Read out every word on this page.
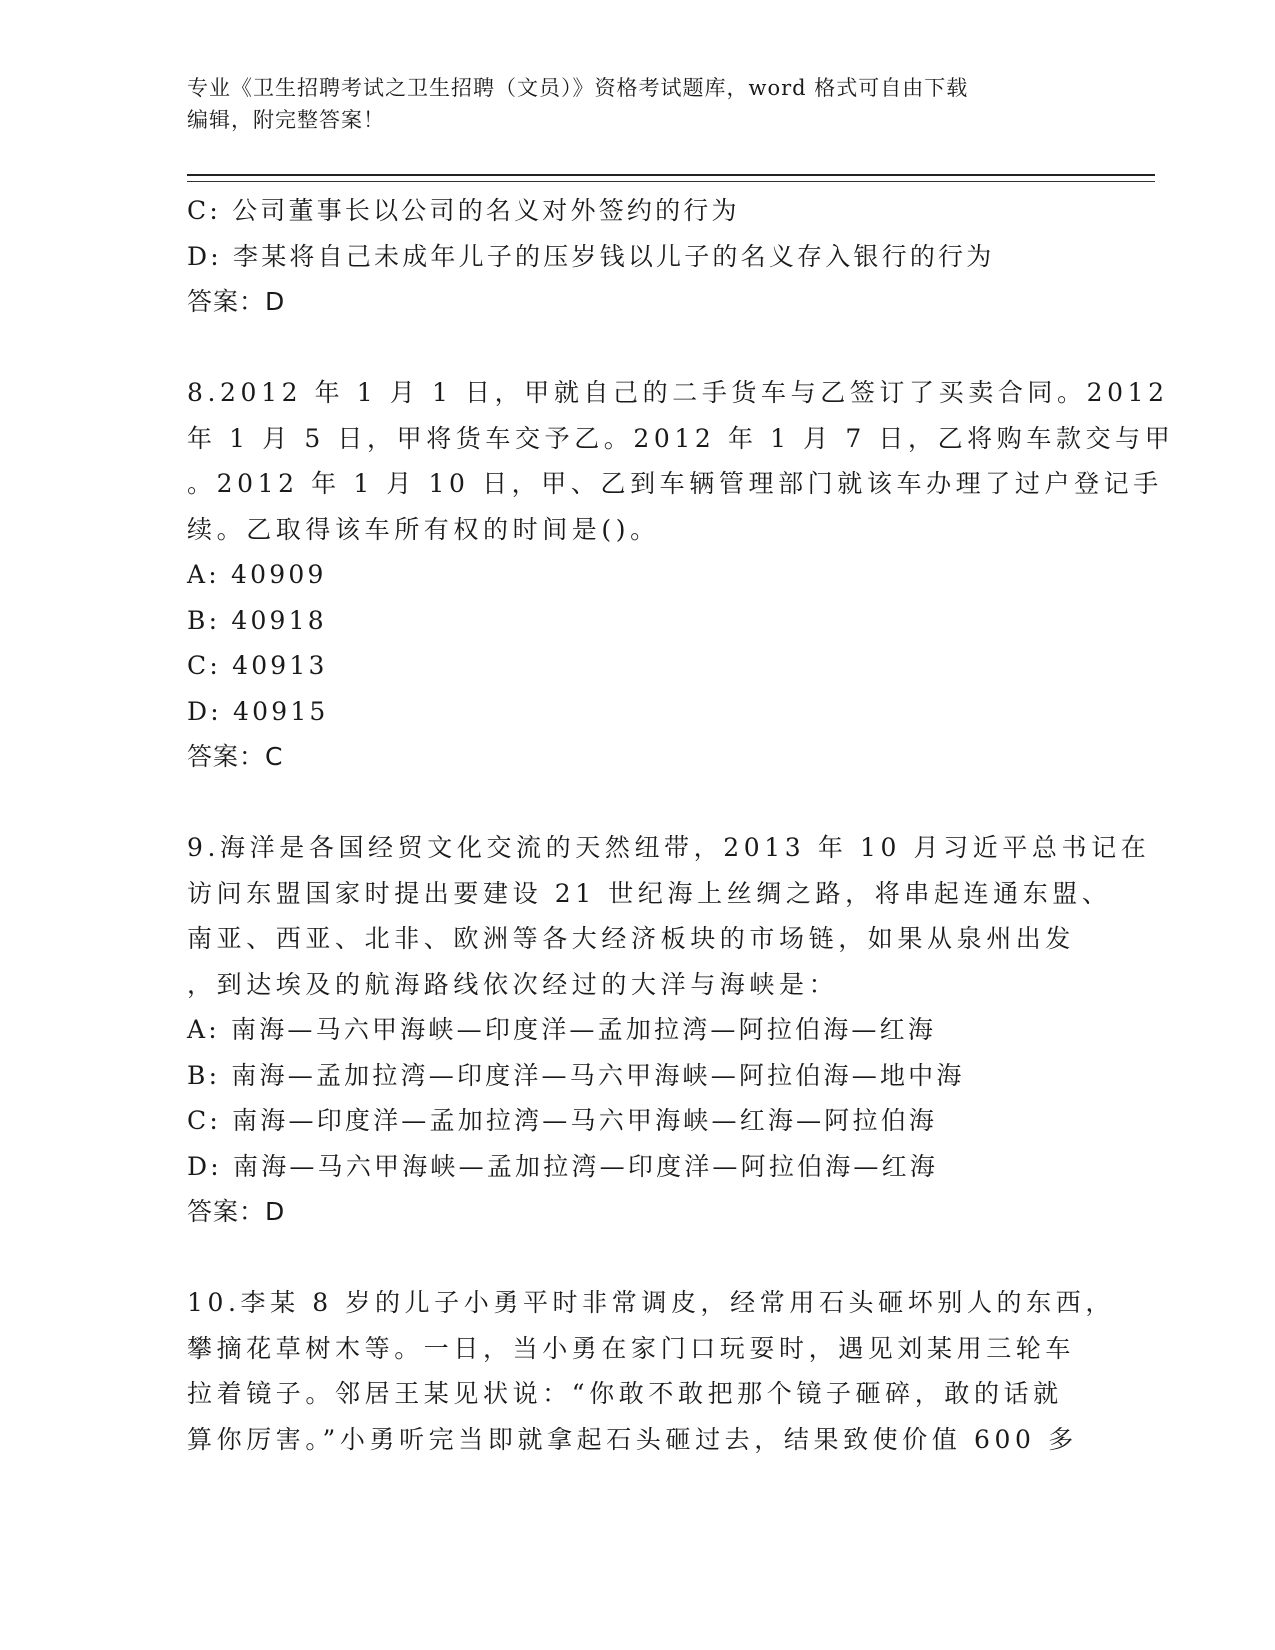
专业《卫生招聘考试之卫生招聘（文员）》资格考试题库，word 格式可自由下载
编辑，附完整答案！
C: 公司董事长以公司的名义对外签约的行为
D: 李某将自己未成年儿子的压岁钱以儿子的名义存入银行的行为
答案：D
8.2012 年 1 月 1 日，甲就自己的二手货车与乙签订了买卖合同。2012
年 1 月 5 日，甲将货车交予乙。2012 年 1 月 7 日，乙将购车款交与甲
。2012 年 1 月 10 日，甲、乙到车辆管理部门就该车办理了过户登记手
续。乙取得该车所有权的时间是()。
A: 40909
B: 40918
C: 40913
D: 40915
答案：C
9.海洋是各国经贸文化交流的天然纽带，2013 年 10 月习近平总书记在
访问东盟国家时提出要建设 21 世纪海上丝绸之路，将串起连通东盟、
南亚、西亚、北非、欧洲等各大经济板块的市场链，如果从泉州出发
，到达埃及的航海路线依次经过的大洋与海峡是：
A: 南海—马六甲海峡—印度洋—孟加拉湾—阿拉伯海—红海
B: 南海—孟加拉湾—印度洋—马六甲海峡—阿拉伯海—地中海
C: 南海—印度洋—孟加拉湾—马六甲海峡—红海—阿拉伯海
D: 南海—马六甲海峡—孟加拉湾—印度洋—阿拉伯海—红海
答案：D
10.李某 8 岁的儿子小勇平时非常调皮，经常用石头砸坏别人的东西，
攀摘花草树木等。一日，当小勇在家门口玩耍时，遇见刘某用三轮车
拉着镜子。邻居王某见状说：“你敢不敢把那个镜子砸碎，敢的话就
算你厉害。”小勇听完当即就拿起石头砸过去，结果致使价值 600 多
